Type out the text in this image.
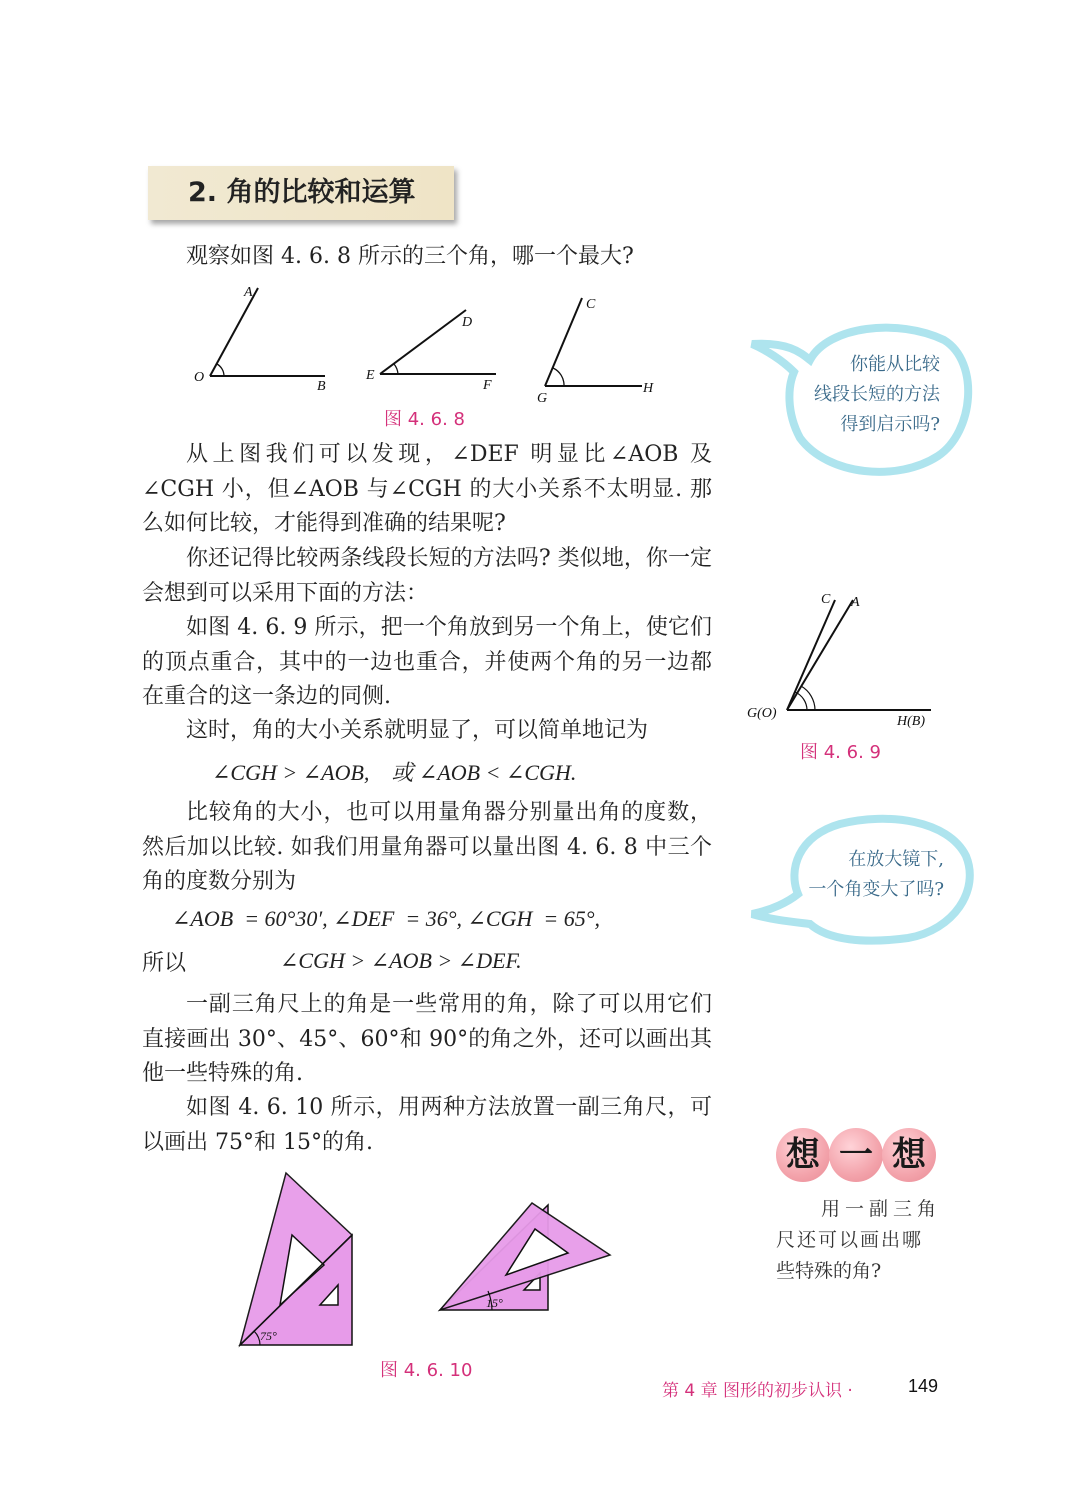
2. 角的比较和运算

观察如图 4. 6. 8 所示的三个角，哪一个最大?

A
O
B
D
E
F
C
G
H
图 4. 6. 8

从上图我们可以发现，∠DEF 明显比∠AOB 及∠CGH 小，但∠AOB 与∠CGH 的大小关系不太明显. 那么如何比较，才能得到准确的结果呢?

你还记得比较两条线段长短的方法吗? 类似地，你一定会想到可以采用下面的方法：

如图 4. 6. 9 所示，把一个角放到另一个角上，使它们的顶点重合，其中的一边也重合，并使两个角的另一边都在重合的这一条边的同侧.

这时，角的大小关系就明显了，可以简单地记为

∠CGH > ∠AOB,    或 ∠AOB < ∠CGH.

比较角的大小，也可以用量角器分别量出角的度数，然后加以比较. 如我们用量角器可以量出图 4. 6. 8 中三个角的度数分别为

∠AOB  = 60°30′, ∠DEF  = 36°, ∠CGH  = 65°,
所以	∠CGH > ∠AOB > ∠DEF.

一副三角尺上的角是一些常用的角，除了可以用它们直接画出 30°、45°、60°和 90°的角之外，还可以画出其他一些特殊的角.

如图 4. 6. 10 所示，用两种方法放置一副三角尺，可以画出 75°和 15°的角.

75°
15°
图 4. 6. 10
你能从比较
线段长短的方法
得到启示吗?
C A
G(O)
H(B)
图 4. 6. 9
在放大镜下,
一个角变大了吗?
想 一 想
用一副三角
尺还可以画出哪
些特殊的角?
第 4 章 图形的初步认识 ·	149
